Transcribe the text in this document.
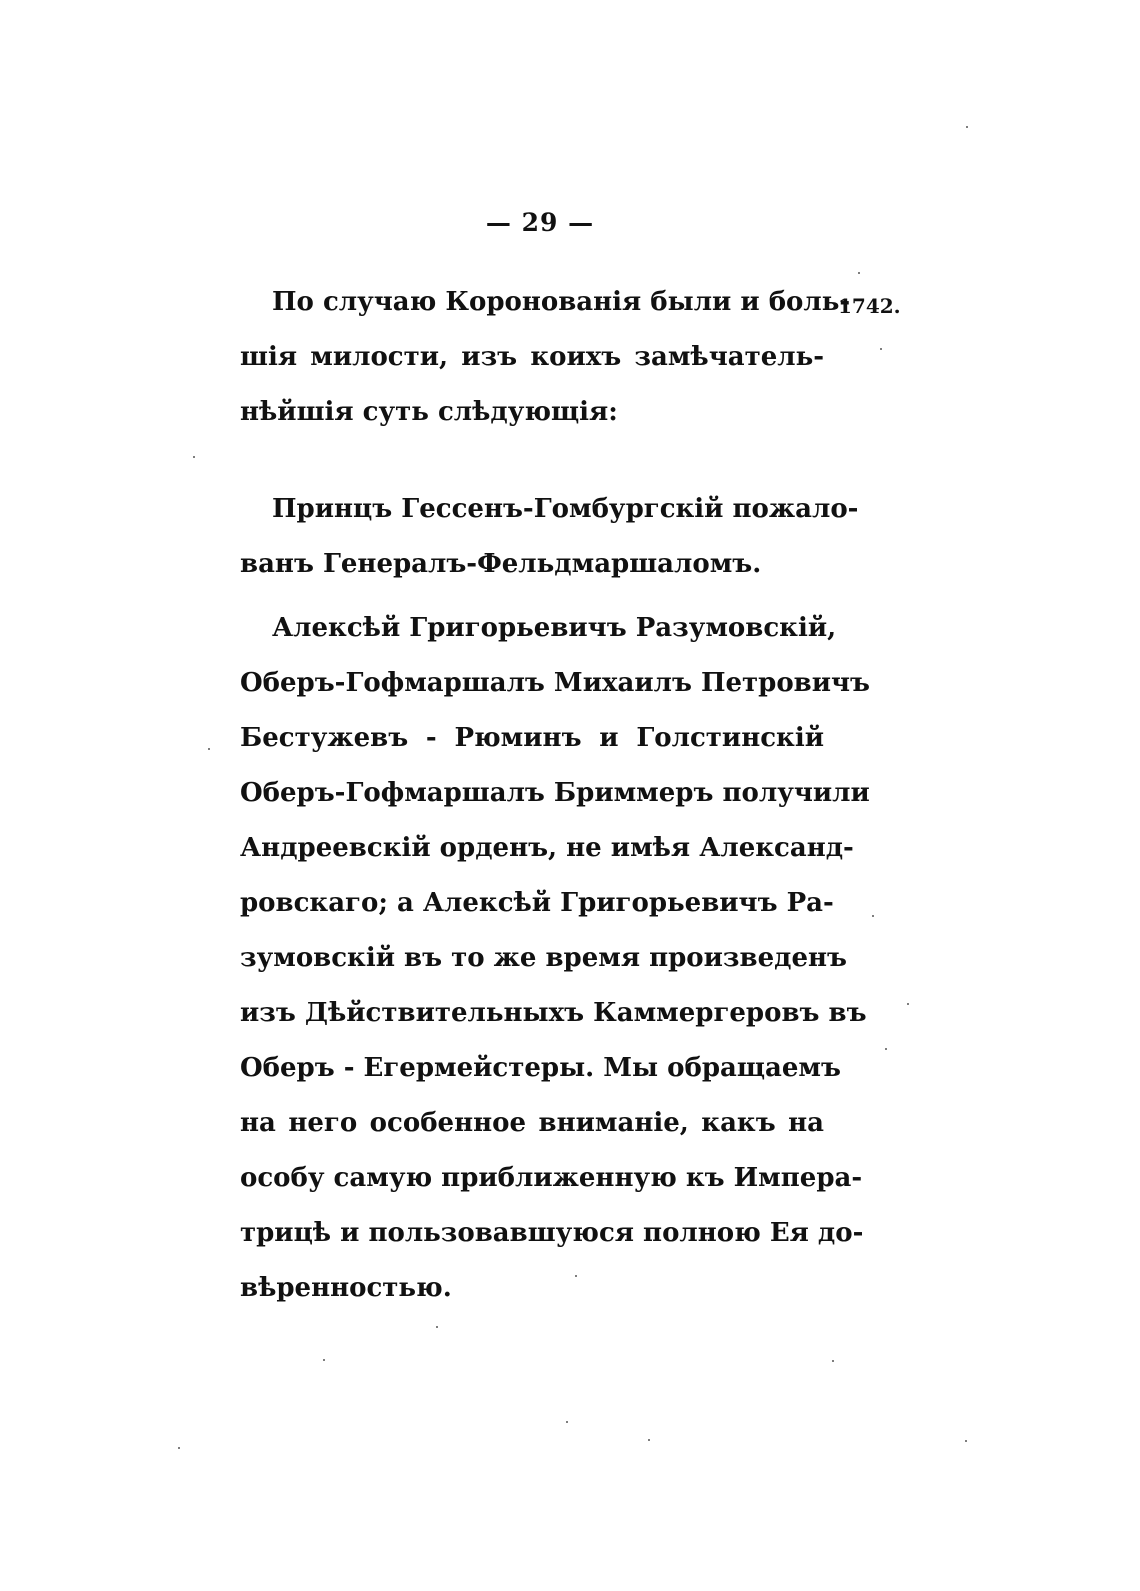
— 29 —
1742.
По случаю Коронованія были и боль-
шія милости, изъ коихъ замѣчатель-
нѣйшія суть слѣдующія:
Принцъ Гессенъ-Гомбургскій пожало-
ванъ Генералъ-Фельдмаршаломъ.
Алексѣй Григорьевичъ Разумовскій,
Оберъ-Гофмаршалъ Михаилъ Петровичъ
Бестужевъ - Рюминъ и Голстинскій
Оберъ-Гофмаршалъ Бриммеръ получили
Андреевскій орденъ, не имѣя Александ-
ровскаго; а Алексѣй Григорьевичъ Ра-
зумовскій въ то же время произведенъ
изъ Дѣйствительныхъ Каммергеровъ въ
Оберъ - Егермейстеры. Мы обращаемъ
на него особенное вниманіе, какъ на
особу самую приближенную къ Импера-
трицѣ и пользовавшуюся полною Ея до-
вѣренностью.
